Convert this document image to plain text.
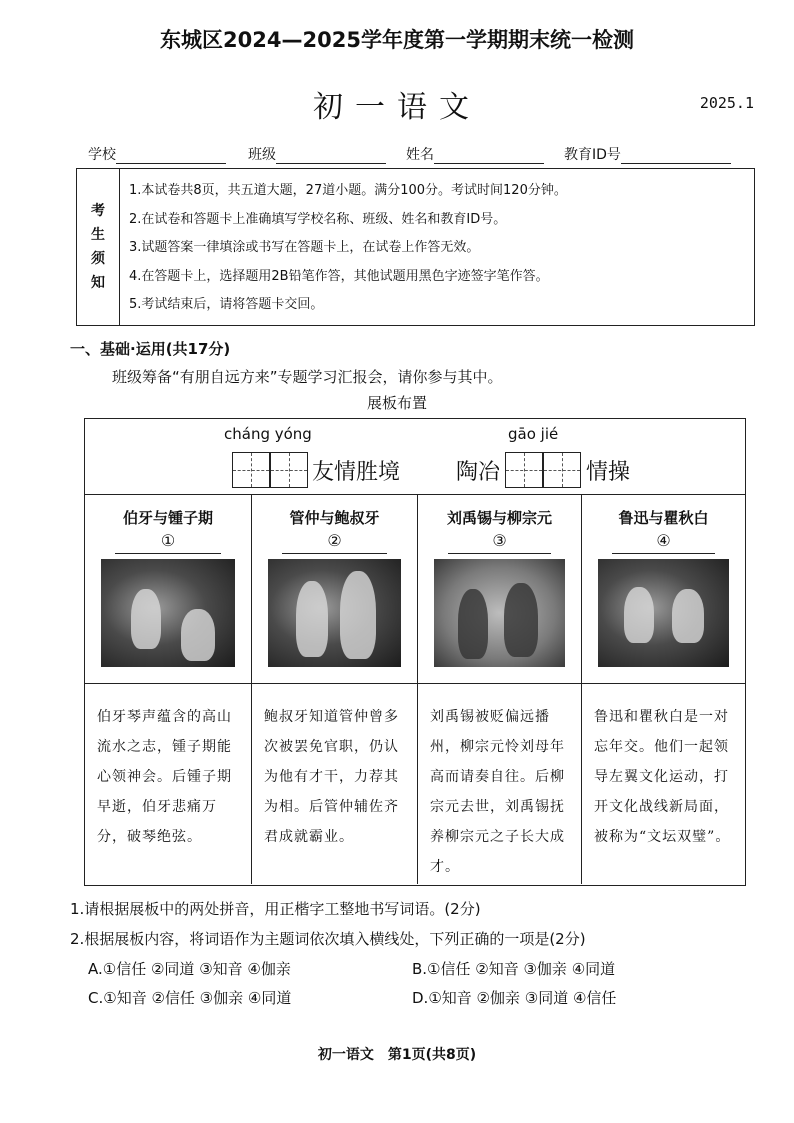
东城区2024—2025学年度第一学期期末统一检测
初一语文	2025.1
学校	班级	姓名	教育ID号
考
生
须
知
1.本试卷共8页，共五道大题，27道小题。满分100分。考试时间120分钟。
2.在试卷和答题卡上准确填写学校名称、班级、姓名和教育ID号。
3.试题答案一律填涂或书写在答题卡上，在试卷上作答无效。
4.在答题卡上，选择题用2B铅笔作答，其他试题用黑色字迹签字笔作答。
5.考试结束后，请将答题卡交回。
一、基础·运用(共17分)
班级筹备“有朋自远方来”专题学习汇报会，请你参与其中。
展板布置
cháng yóng	gāo jié
友情胜境	陶冶	情操
伯牙与锺子期
①
伯牙琴声蕴含的高山流水之志，锺子期能心领神会。后锺子期早逝，伯牙悲痛万分，破琴绝弦。
管仲与鲍叔牙
②
鲍叔牙知道管仲曾多次被罢免官职，仍认为他有才干，力荐其为相。后管仲辅佐齐君成就霸业。
刘禹锡与柳宗元
③
刘禹锡被贬偏远播州，柳宗元怜刘母年高而请奏自往。后柳宗元去世，刘禹锡抚养柳宗元之子长大成才。
鲁迅与瞿秋白
④
鲁迅和瞿秋白是一对忘年交。他们一起领导左翼文化运动，打开文化战线新局面，被称为“文坛双璧”。
1.请根据展板中的两处拼音，用正楷字工整地书写词语。(2分)
2.根据展板内容，将词语作为主题词依次填入横线处，下列正确的一项是(2分)
A.①信任 ②同道 ③知音 ④伽亲	B.①信任 ②知音 ③伽亲 ④同道
C.①知音 ②信任 ③伽亲 ④同道	D.①知音 ②伽亲 ③同道 ④信任
初一语文　第1页(共8页)
